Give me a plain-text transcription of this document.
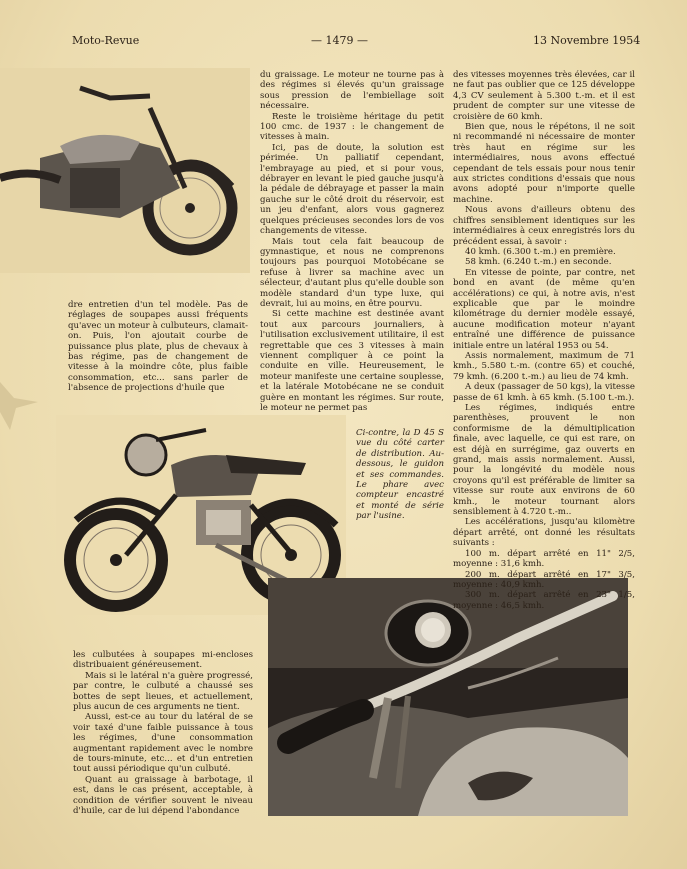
Moto-Revue	— 1479 —	13 Novembre 1954

dre entretien d'un tel modèle. Pas de réglages de soupapes aussi fréquents qu'avec un moteur à culbuteurs, clamait-on. Puis, l'on ajoutait courbe de puissance plus plate, plus de chevaux à bas régime, pas de changement de vitesse à la moindre côte, plus faible consommation, etc... sans parler de l'absence de projections d'huile que

du graissage. Le moteur ne tourne pas à des régimes si élevés qu'un graissage sous pression de l'embiellage soit nécessaire.

Reste le troisième héritage du petit 100 cmc. de 1937 : le changement de vitesses à main.

Ici, pas de doute, la solution est périmée. Un palliatif cependant, l'embrayage au pied, et si pour vous, débrayer en levant le pied gauche jusqu'à la pédale de débrayage et passer la main gauche sur le côté droit du réservoir, est un jeu d'enfant, alors vous gagnerez quelques précieuses secondes lors de vos changements de vitesse.

Mais tout cela fait beaucoup de gymnastique, et nous ne comprenons toujours pas pourquoi Motobécane se refuse à livrer sa machine avec un sélecteur, d'autant plus qu'elle double son modèle standard d'un type luxe, qui devrait, lui au moins, en être pourvu.

Si cette machine est destinée avant tout aux parcours journaliers, à l'utilisation exclusivement utilitaire, il est regrettable que ces 3 vitesses à main viennent compliquer à ce point la conduite en ville. Heureusement, le moteur manifeste une certaine souplesse, et la latérale Motobécane ne se conduit guère en montant les régimes. Sur route, le moteur ne permet pas

des vitesses moyennes très élevées, car il ne faut pas oublier que ce 125 développe 4,3 CV seulement à 5.300 t.-m. et il est prudent de compter sur une vitesse de croisière de 60 kmh.

Bien que, nous le répétons, il ne soit ni recommandé ni nécessaire de monter très haut en régime sur les intermédiaires, nous avons effectué cependant de tels essais pour nous tenir aux strictes conditions d'essais que nous avons adopté pour n'importe quelle machine.

Nous avons d'ailleurs obtenu des chiffres sensiblement identiques sur les intermédiaires à ceux enregistrés lors du précédent essai, à savoir :

40 kmh. (6.300 t.-m.) en première.

58 kmh. (6.240 t.-m.) en seconde.

En vitesse de pointe, par contre, net bond en avant (de même qu'en accélérations) ce qui, à notre avis, n'est explicable que par le moindre kilométrage du dernier modèle essayé, aucune modification moteur n'ayant entraîné une différence de puissance initiale entre un latéral 1953 ou 54.

Assis normalement, maximum de 71 kmh., 5.580 t.-m. (contre 65) et couché, 79 kmh. (6.200 t.-m.) au lieu de 74 kmh.

A deux (passager de 50 kgs), la vitesse passe de 61 kmh. à 65 kmh. (5.100 t.-m.).

Les régimes, indiqués entre parenthèses, prouvent le non conformisme de la démultiplication finale, avec laquelle, ce qui est rare, on est déjà en surrégime, gaz ouverts en grand, mais assis normalement. Aussi, pour la longévité du modèle nous croyons qu'il est préférable de limiter sa vitesse sur route aux environs de 60 kmh., le moteur tournant alors sensiblement à 4.720 t.-m..

Les accélérations, jusqu'au kilomètre départ arrêté, ont donné les résultats suivants :

100 m. départ arrêté en 11" 2/5, moyenne : 31,6 kmh.

200 m. départ arrêté en 17" 3/5, moyenne : 40,9 kmh.

300 m. départ arrêté en 23" 1/5, moyenne : 46,5 kmh.

Ci-contre, la D 45 S vue du côté carter de distribution. Au-dessous, le guidon et ses commandes. Le phare avec compteur encastré et monté de série par l'usine.

les culbutées à soupapes mi-encloses distribuaient généreusement.

Mais si le latéral n'a guère progressé, par contre, le culbuté a chaussé ses bottes de sept lieues, et actuellement, plus aucun de ces arguments ne tient.

Aussi, est-ce au tour du latéral de se voir taxé d'une faible puissance à tous les régimes, d'une consommation augmentant rapidement avec le nombre de tours-minute, etc... et d'un entretien tout aussi périodique qu'un culbuté.

Quant au graissage à barbotage, il est, dans le cas présent, acceptable, à condition de vérifier souvent le niveau d'huile, car de lui dépend l'abondance
